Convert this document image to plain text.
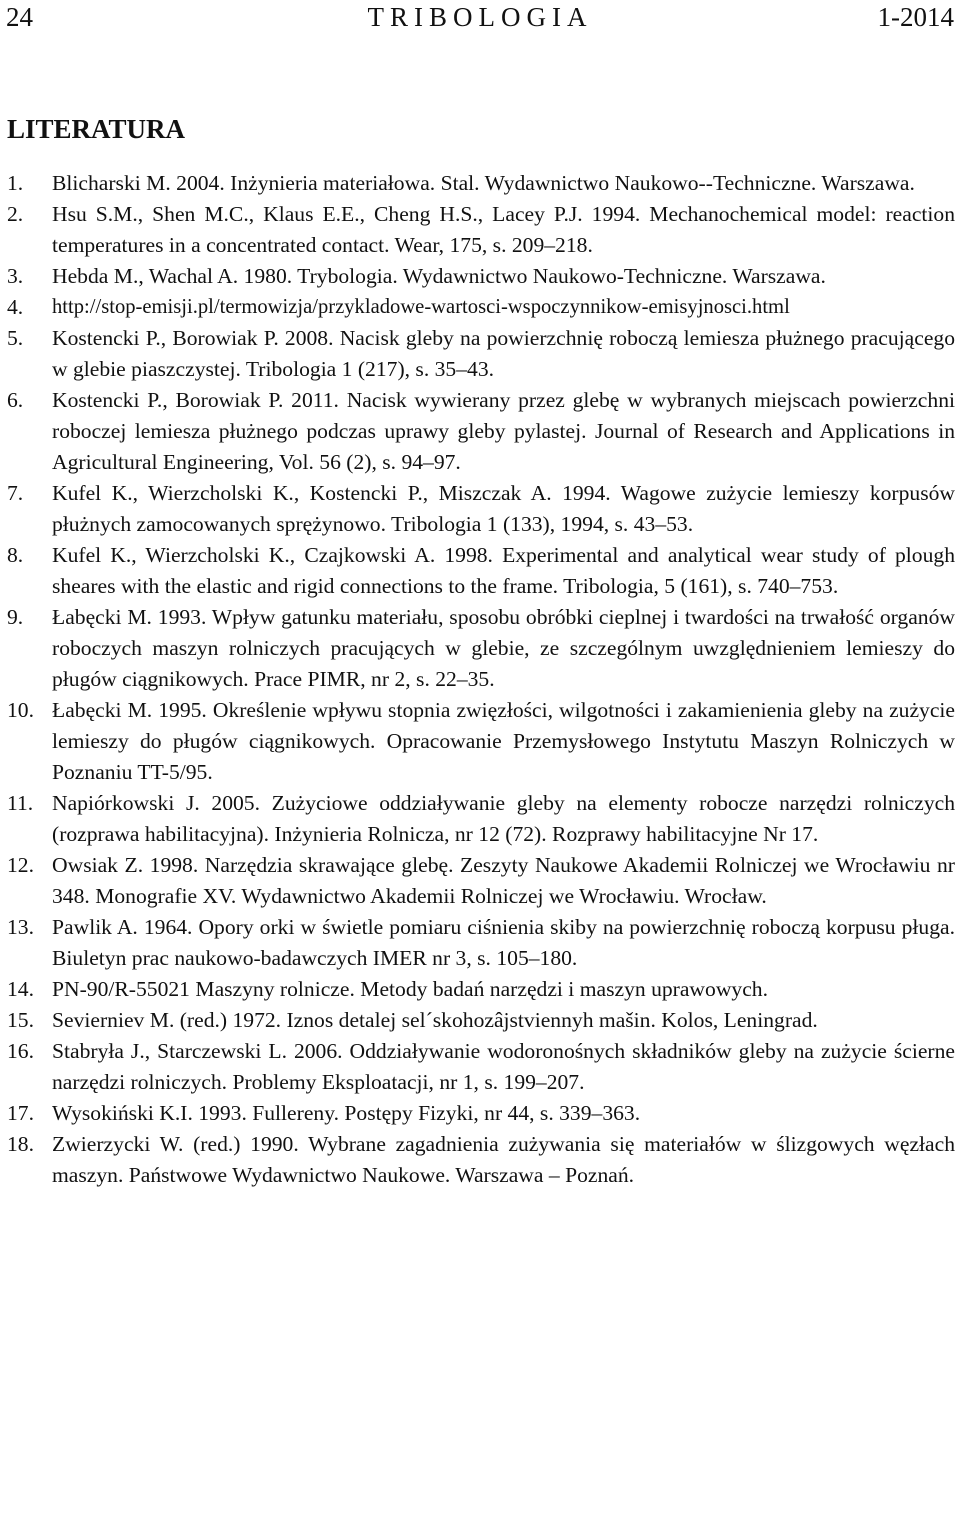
24	TRIBOLOGIA	1-2014
LITERATURA
1. Blicharski M. 2004. Inżynieria materiałowa. Stal. Wydawnictwo Naukowo--Techniczne. Warszawa.
2. Hsu S.M., Shen M.C., Klaus E.E., Cheng H.S., Lacey P.J. 1994. Mechanochemical model: reaction temperatures in a concentrated contact. Wear, 175, s. 209–218.
3. Hebda M., Wachal A. 1980. Trybologia. Wydawnictwo Naukowo-Techniczne. Warszawa.
4. http://stop-emisji.pl/termowizja/przykladowe-wartosci-wspoczynnikow-emisyjnosci.html
5. Kostencki P., Borowiak P. 2008. Nacisk gleby na powierzchnię roboczą lemiesza płużnego pracującego w glebie piaszczystej. Tribologia 1 (217), s. 35–43.
6. Kostencki P., Borowiak P. 2011. Nacisk wywierany przez glebę w wybranych miejscach powierzchni roboczej lemiesza płużnego podczas uprawy gleby pylastej. Journal of Research and Applications in Agricultural Engineering, Vol. 56 (2), s. 94–97.
7. Kufel K., Wierzcholski K., Kostencki P., Miszczak A. 1994. Wagowe zużycie lemieszy korpusów płużnych zamocowanych sprężynowo. Tribologia 1 (133), 1994, s. 43–53.
8. Kufel K., Wierzcholski K., Czajkowski A. 1998. Experimental and analytical wear study of plough sheares with the elastic and rigid connections to the frame. Tribologia, 5 (161), s. 740–753.
9. Łabęcki M. 1993. Wpływ gatunku materiału, sposobu obróbki cieplnej i twardości na trwałość organów roboczych maszyn rolniczych pracujących w glebie, ze szczególnym uwzględnieniem lemieszy do pługów ciągnikowych. Prace PIMR, nr 2, s. 22–35.
10. Łabęcki M. 1995. Określenie wpływu stopnia zwięzłości, wilgotności i zakamienienia gleby na zużycie lemieszy do pługów ciągnikowych. Opracowanie Przemysłowego Instytutu Maszyn Rolniczych w Poznaniu TT-5/95.
11. Napiórkowski J. 2005. Zużyciowe oddziaływanie gleby na elementy robocze narzędzi rolniczych (rozprawa habilitacyjna). Inżynieria Rolnicza, nr 12 (72). Rozprawy habilitacyjne Nr 17.
12. Owsiak Z. 1998. Narzędzia skrawające glebę. Zeszyty Naukowe Akademii Rolniczej we Wrocławiu nr 348. Monografie XV. Wydawnictwo Akademii Rolniczej we Wrocławiu. Wrocław.
13. Pawlik A. 1964. Opory orki w świetle pomiaru ciśnienia skiby na powierzchnię roboczą korpusu pługa. Biuletyn prac naukowo-badawczych IMER nr 3, s. 105–180.
14. PN-90/R-55021 Maszyny rolnicze. Metody badań narzędzi i maszyn uprawowych.
15. Sevierniev M. (red.) 1972. Iznos detalej sel´skohozâjstviennyh mašin. Kolos, Leningrad.
16. Stabryła J., Starczewski L. 2006. Oddziaływanie wodoronośnych składników gleby na zużycie ścierne narzędzi rolniczych. Problemy Eksploatacji, nr 1, s. 199–207.
17. Wysokiński K.I. 1993. Fullereny. Postępy Fizyki, nr 44, s. 339–363.
18. Zwierzycki W. (red.) 1990. Wybrane zagadnienia zużywania się materiałów w ślizgowych węzłach maszyn. Państwowe Wydawnictwo Naukowe. Warszawa – Poznań.
